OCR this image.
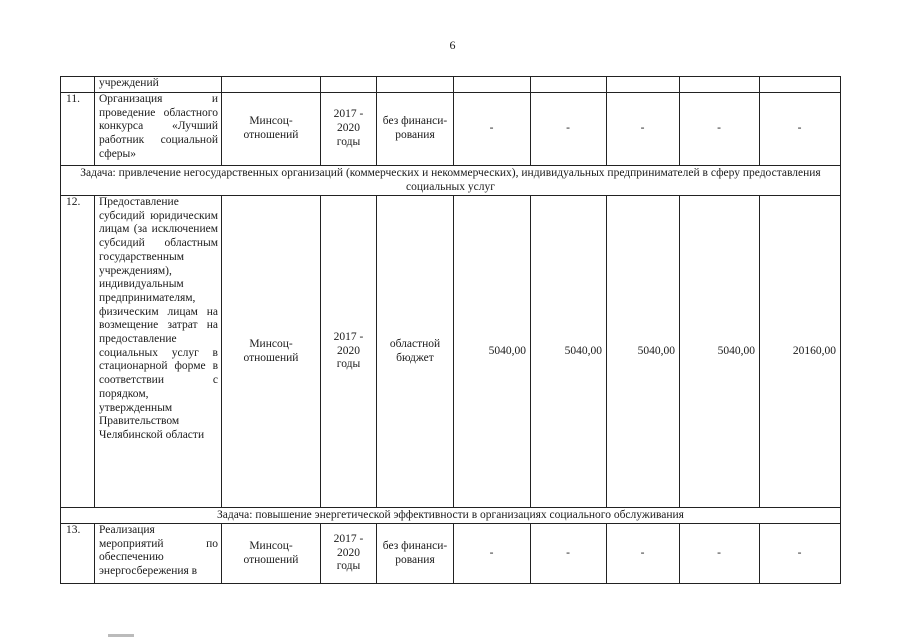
6
	учреждений								
11.	Организация и проведение областного конкурса «Лучший работник социальной сферы»	Минсоц-отношений	2017 - 2020 годы	без финанси-рования	-	-	-	-	-
Задача: привлечение негосударственных организаций (коммерческих и некоммерческих), индивидуальных предпринимателей в сферу предоставления социальных услуг									
12.	Предоставление субсидий юридическим лицам (за исключением субсидий областным государственным учреждениям), индивидуальным предпринимателям, физическим лицам на возмещение затрат на предоставление социальных услуг в стационарной форме в соответствии с порядком, утвержденным Правительством Челябинской области	Минсоц-отношений	2017 - 2020 годы	областной бюджет	5040,00	5040,00	5040,00	5040,00	20160,00
Задача: повышение энергетической эффективности в организациях социального обслуживания									
13.	Реализация мероприятий по обеспечению энергосбережения в	Минсоц-отношений	2017 - 2020 годы	без финанси-рования	-	-	-	-	-
